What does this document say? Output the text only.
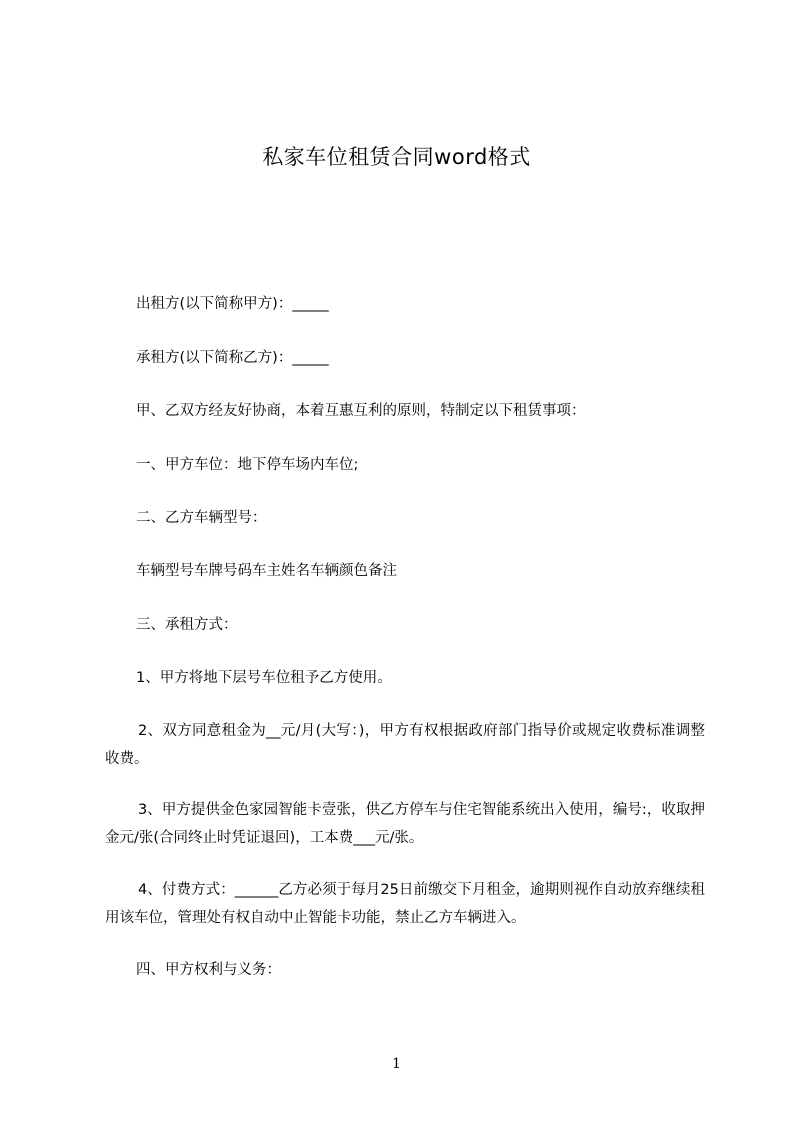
私家车位租赁合同word格式
出租方(以下简称甲方)：_____
承租方(以下简称乙方)：_____
甲、乙双方经友好协商，本着互惠互利的原则，特制定以下租赁事项：
一、甲方车位：地下停车场内车位;
二、乙方车辆型号：
车辆型号车牌号码车主姓名车辆颜色备注
三、承租方式：
1、甲方将地下层号车位租予乙方使用。
2、双方同意租金为__元/月(大写：)，甲方有权根据政府部门指导价或规定收费标准调整收费。
3、甲方提供金色家园智能卡壹张，供乙方停车与住宅智能系统出入使用，编号:，收取押金元/张(合同终止时凭证退回)，工本费___元/张。
4、付费方式：______乙方必须于每月25日前缴交下月租金，逾期则视作自动放弃继续租用该车位，管理处有权自动中止智能卡功能，禁止乙方车辆进入。
四、甲方权利与义务：
1
